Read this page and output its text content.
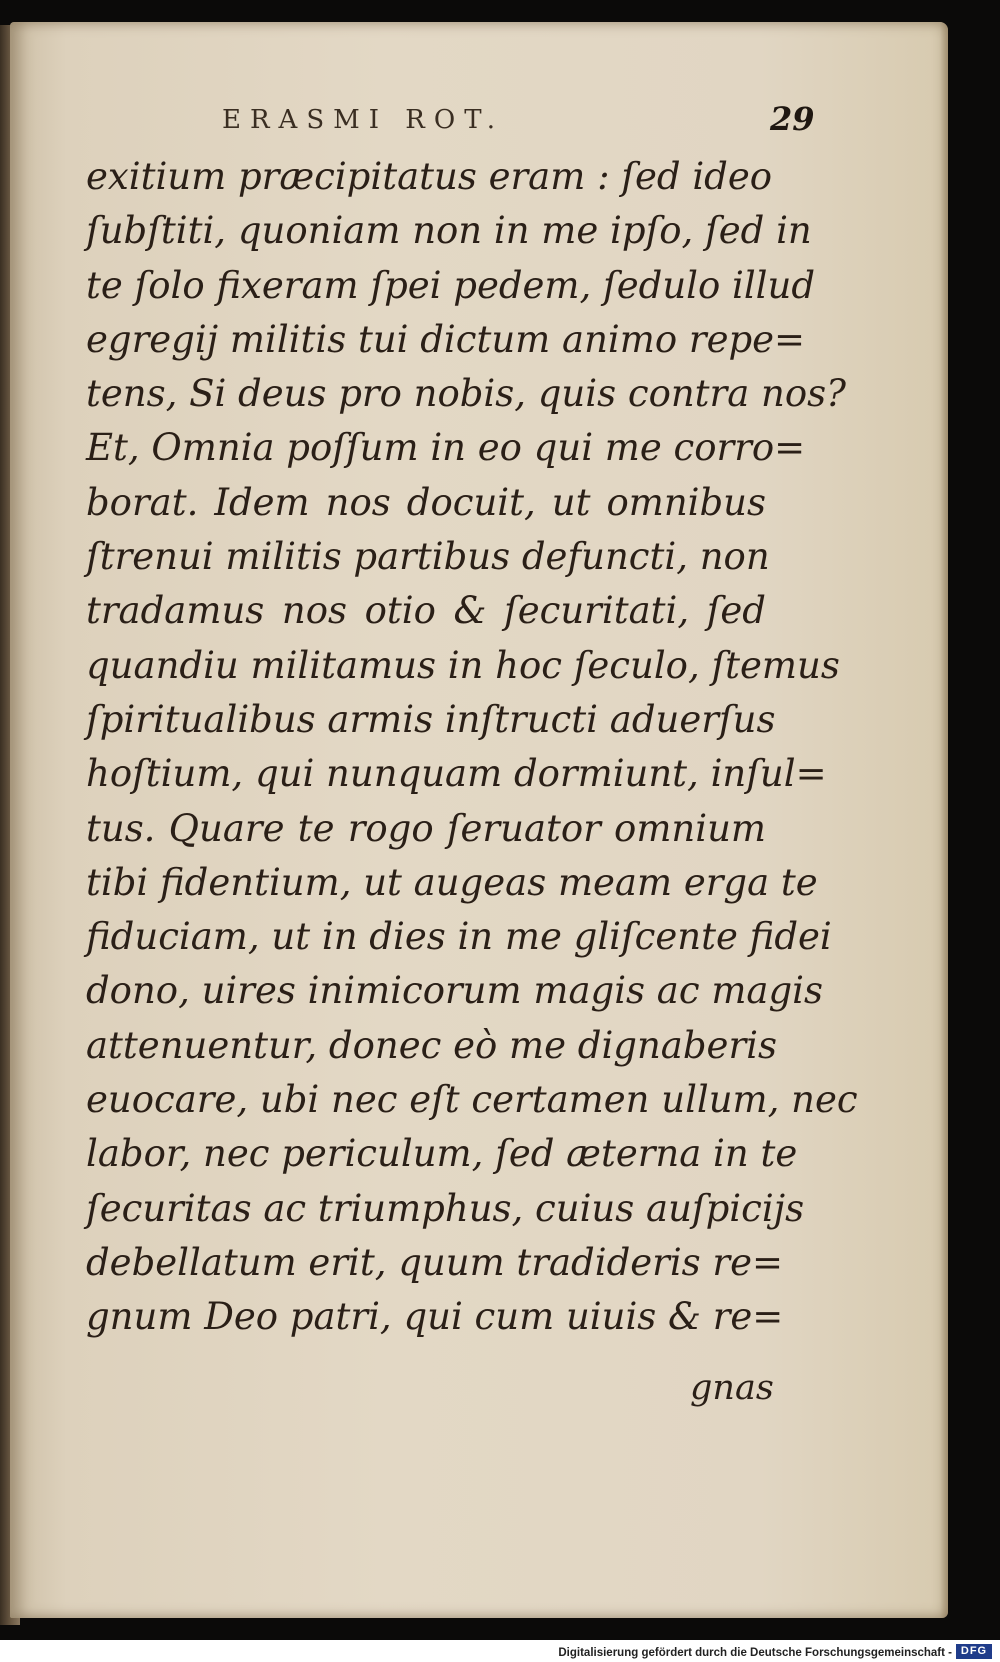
ERASMI ROT.	29
exitium præcipitatus eram : ſed ideo
ſubſtiti, quoniam non in me ipſo, ſed in
te ſolo fixeram ſpei pedem, ſedulo illud
egregij militis tui dictum animo repe=
tens, Si deus pro nobis, quis contra nos?
Et, Omnia poſſum in eo qui me corro=
borat. Idem nos docuit, ut omnibus
ſtrenui militis partibus defuncti, non
tradamus nos otio & ſecuritati, ſed
quandiu militamus in hoc ſeculo, ſtemus
ſpiritualibus armis inſtructi aduerſus
hoſtium, qui nunquam dormiunt, inſul=
tus. Quare te rogo ſeruator omnium
tibi fidentium, ut augeas meam erga te
fiduciam, ut in dies in me gliſcente fidei
dono, uires inimicorum magis ac magis
attenuentur, donec eò me dignaberis
euocare, ubi nec eſt certamen ullum, nec
labor, nec periculum, ſed æterna in te
ſecuritas ac triumphus, cuius auſpicijs
debellatum erit, quum tradideris re=
gnum Deo patri, qui cum uiuis & re=
gnas
Digitalisierung gefördert durch die Deutsche Forschungsgemeinschaft - DFG
